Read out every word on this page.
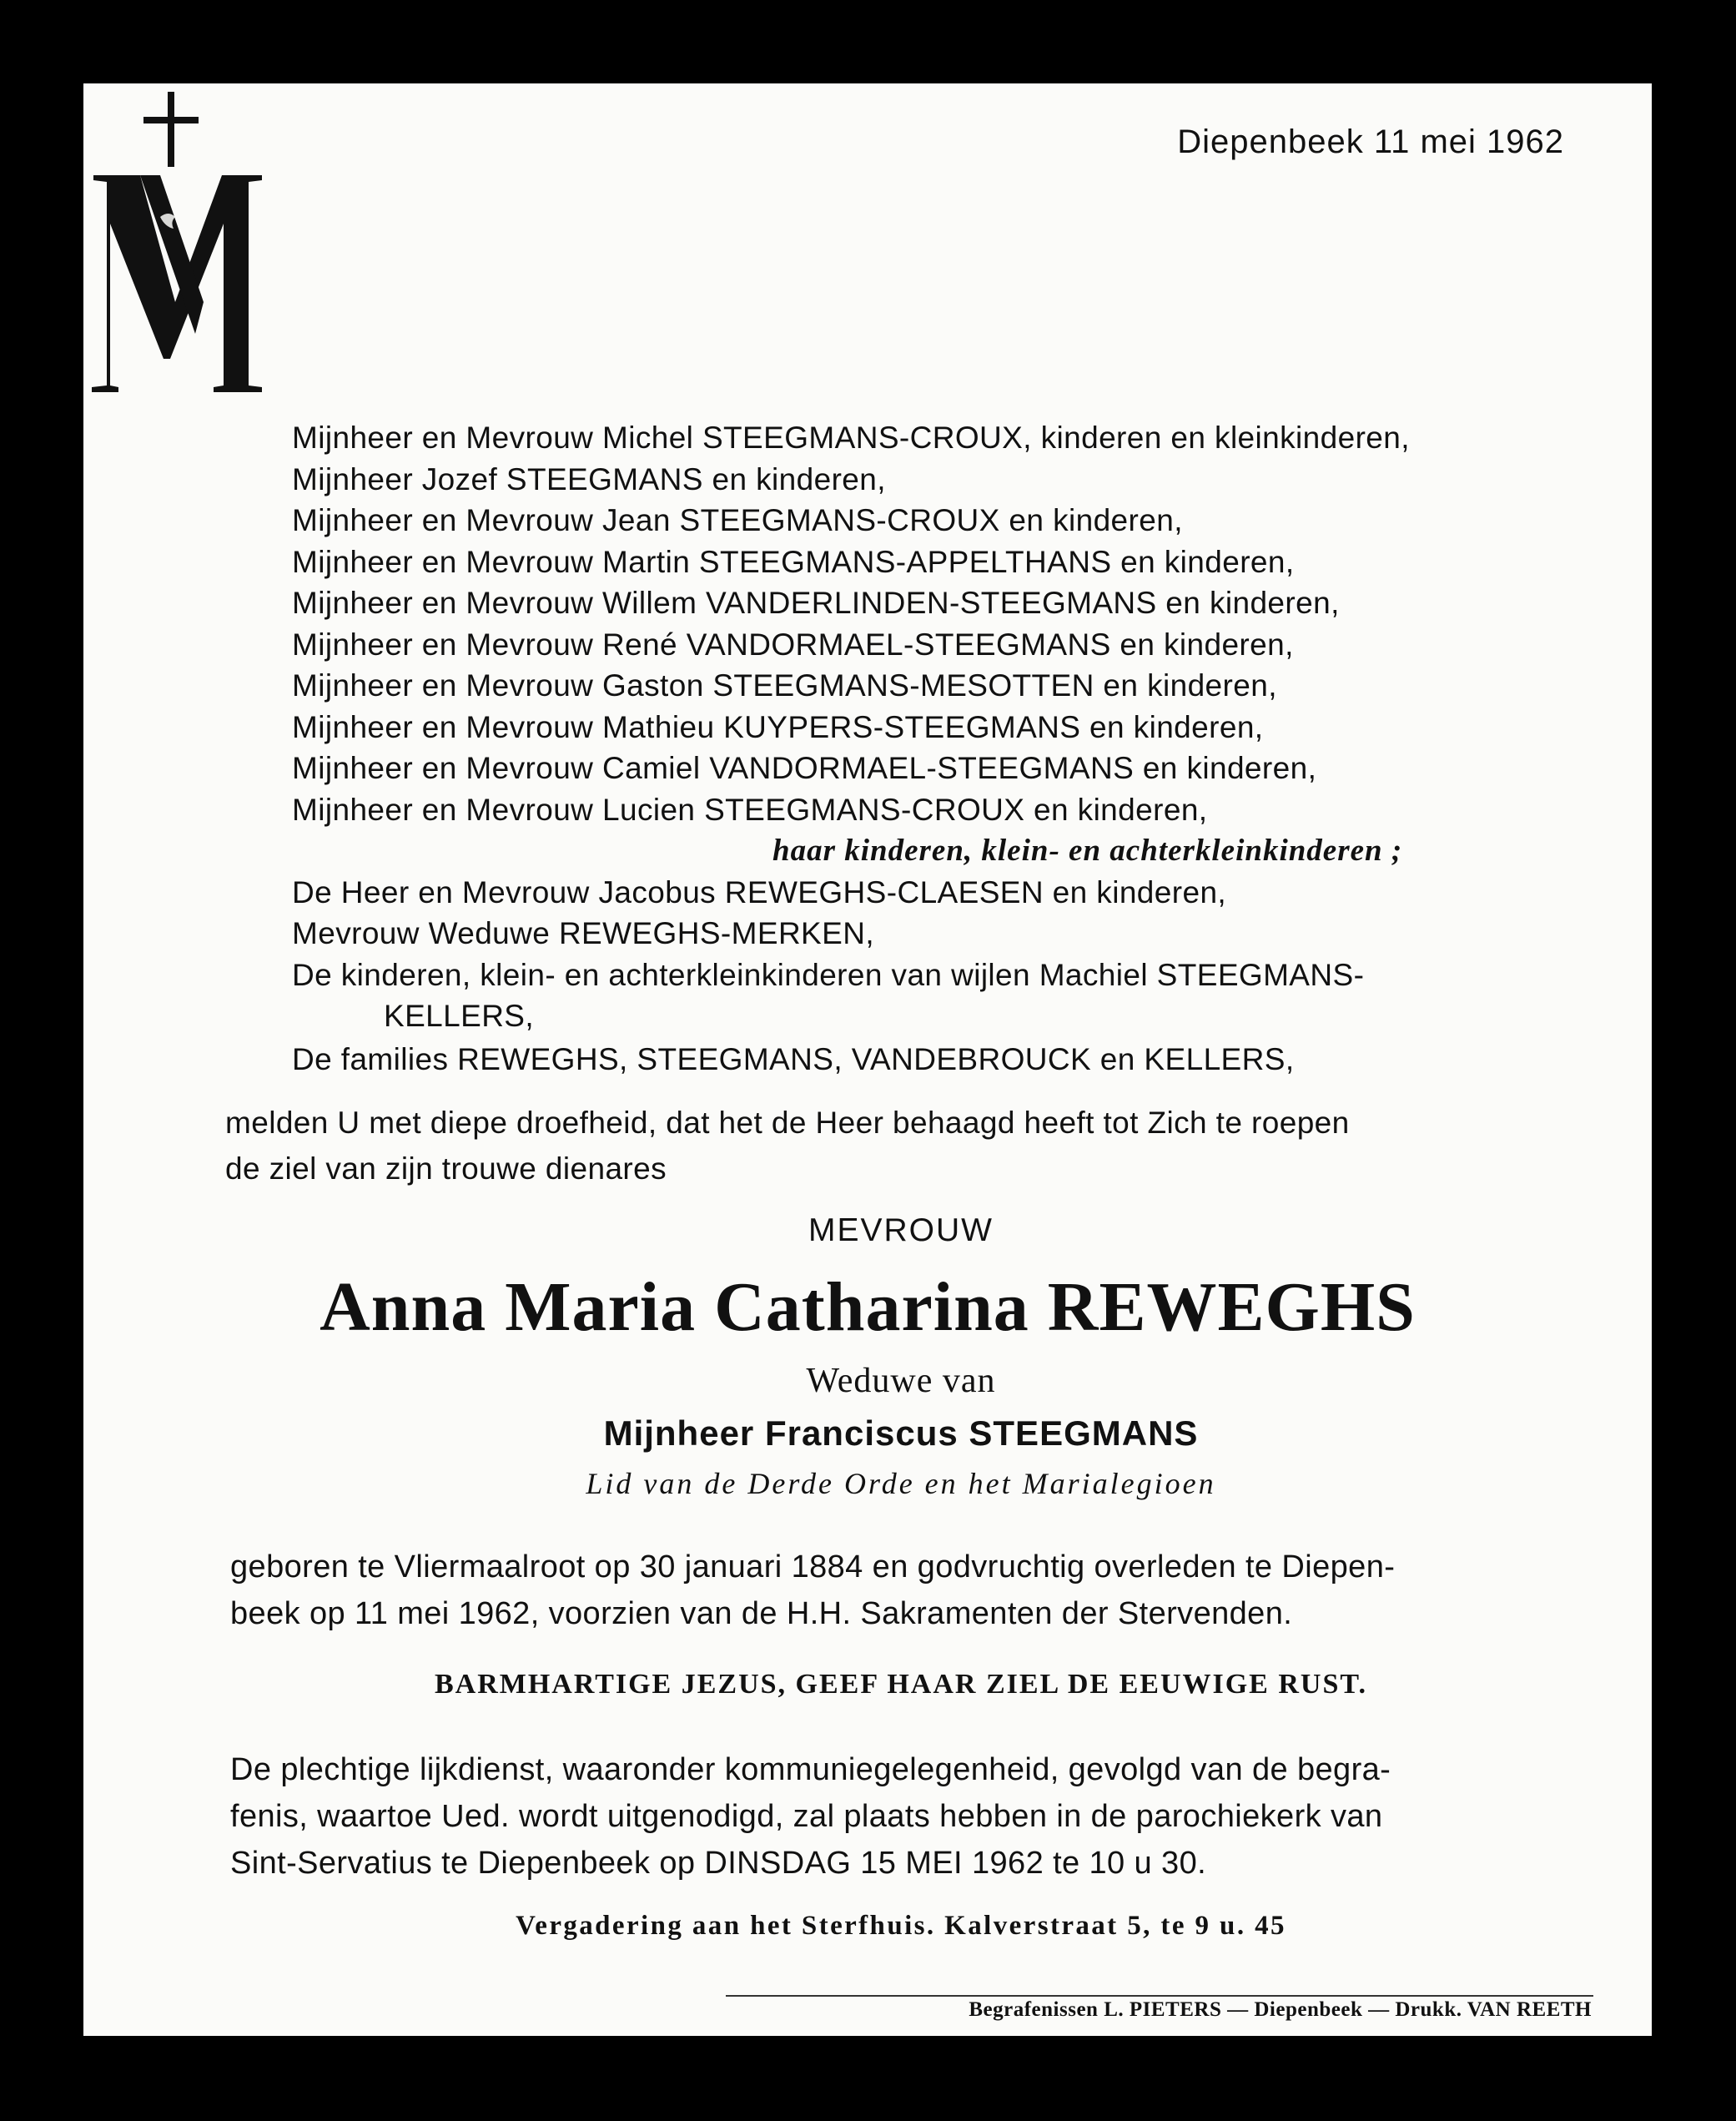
Diepenbeek 11 mei 1962
Mijnheer en Mevrouw Michel STEEGMANS-CROUX, kinderen en kleinkinderen,
Mijnheer Jozef STEEGMANS en kinderen,
Mijnheer en Mevrouw Jean STEEGMANS-CROUX en kinderen,
Mijnheer en Mevrouw Martin STEEGMANS-APPELTHANS en kinderen,
Mijnheer en Mevrouw Willem VANDERLINDEN-STEEGMANS en kinderen,
Mijnheer en Mevrouw René VANDORMAEL-STEEGMANS en kinderen,
Mijnheer en Mevrouw Gaston STEEGMANS-MESOTTEN en kinderen,
Mijnheer en Mevrouw Mathieu KUYPERS-STEEGMANS en kinderen,
Mijnheer en Mevrouw Camiel VANDORMAEL-STEEGMANS en kinderen,
Mijnheer en Mevrouw Lucien STEEGMANS-CROUX en kinderen,
haar kinderen, klein- en achterkleinkinderen ;
De Heer en Mevrouw Jacobus REWEGHS-CLAESEN en kinderen,
Mevrouw Weduwe REWEGHS-MERKEN,
De kinderen, klein- en achterkleinkinderen van wijlen Machiel STEEGMANS-
KELLERS,
De families REWEGHS, STEEGMANS, VANDEBROUCK en KELLERS,
melden U met diepe droefheid, dat het de Heer behaagd heeft tot Zich te roepen
de ziel van zijn trouwe dienares
MEVROUW
Anna Maria Catharina REWEGHS
Weduwe van
Mijnheer Franciscus STEEGMANS
Lid van de Derde Orde en het Marialegioen
geboren te Vliermaalroot op 30 januari 1884 en godvruchtig overleden te Diepen-
beek op 11 mei 1962, voorzien van de H.H. Sakramenten der Stervenden.
BARMHARTIGE JEZUS, GEEF HAAR ZIEL DE EEUWIGE RUST.
De plechtige lijkdienst, waaronder kommuniegelegenheid, gevolgd van de begra-
fenis, waartoe Ued. wordt uitgenodigd, zal plaats hebben in de parochiekerk van
Sint-Servatius te Diepenbeek op DINSDAG 15 MEI 1962 te 10 u 30.
Vergadering aan het Sterfhuis. Kalverstraat 5, te 9 u. 45
Begrafenissen L. PIETERS — Diepenbeek — Drukk. VAN REETH
